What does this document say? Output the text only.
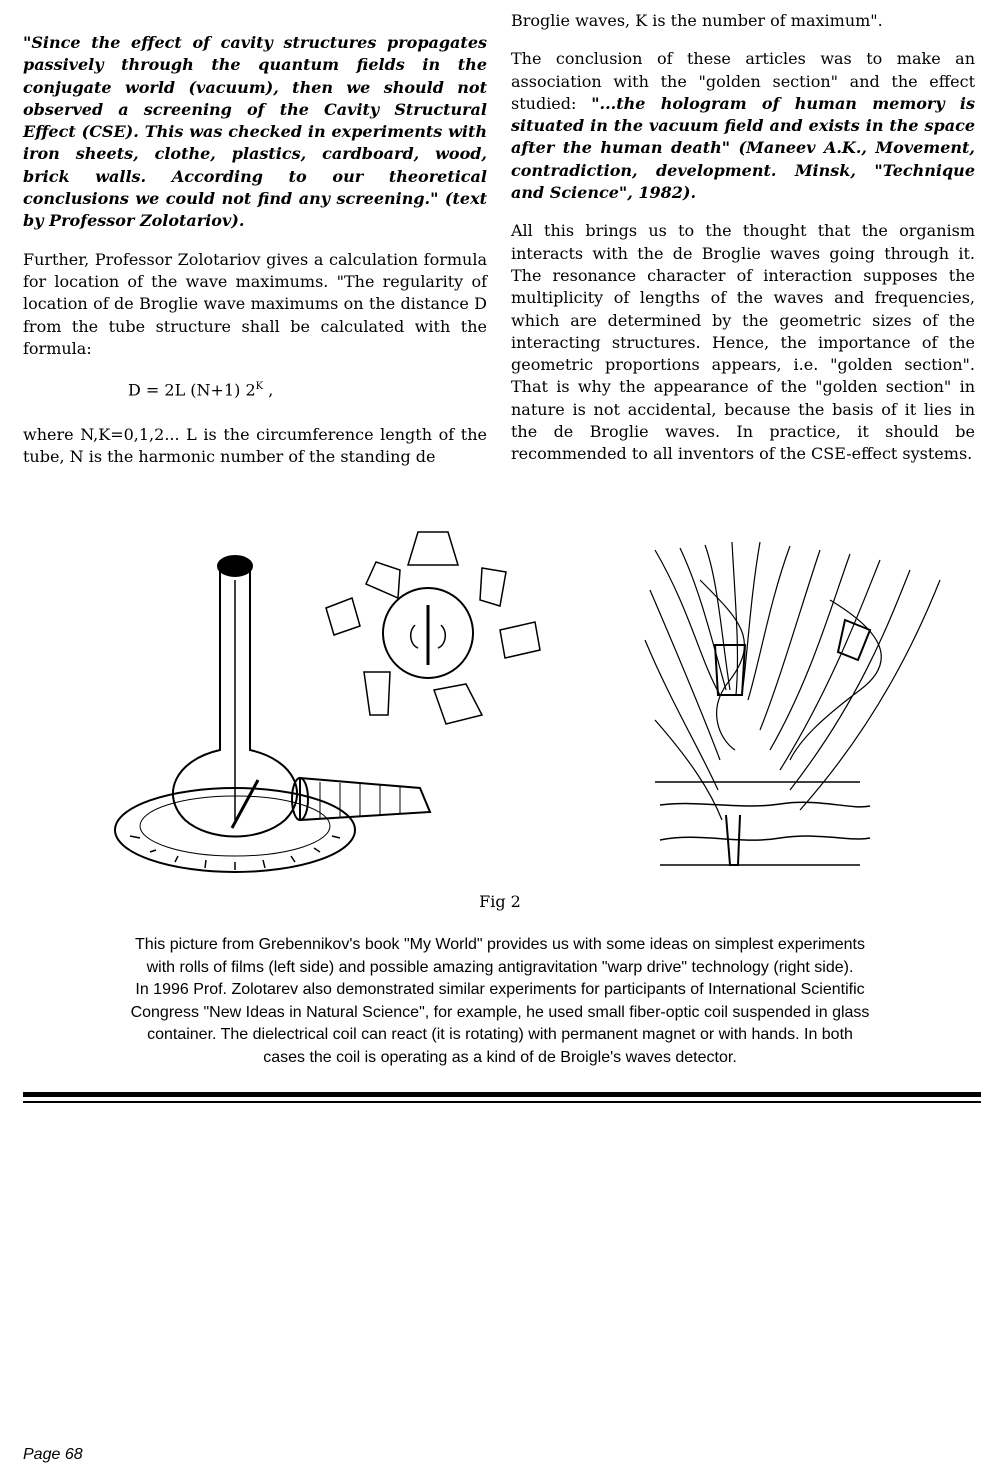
"Since the effect of cavity structures propagates passively through the quantum fields in the conjugate world (vacuum), then we should not observed a screening of the Cavity Structural Effect (CSE). This was checked in experiments with iron sheets, clothe, plastics, cardboard, wood, brick walls. According to our theoretical conclusions we could not find any screening." (text by Professor Zolotariov).

Further, Professor Zolotariov gives a calculation formula for location of the wave maximums. "The regularity of location of de Broglie wave maximums on the distance D from the tube structure shall be calculated with the formula:

D = 2L (N+1) $2^K$ ,

where N,K=0,1,2... L is the circumference length of the tube, N is the harmonic number of the standing de

Broglie waves, K is the number of maximum".

The conclusion of these articles was to make an association with the "golden section" and the effect studied: "...the hologram of human memory is situated in the vacuum field and exists in the space after the human death" (Maneev A.K., Movement, contradiction, development. Minsk, "Technique and Science", 1982).

All this brings us to the thought that the organism interacts with the de Broglie waves going through it. The resonance character of interaction supposes the multiplicity of lengths of the waves and frequencies, which are determined by the geometric sizes of the interacting structures. Hence, the importance of the geometric proportions appears, i.e. "golden section". That is why the appearance of the "golden section" in nature is not accidental, because the basis of it lies in the de Broglie waves. In practice, it should be recommended to all inventors of the CSE-effect systems.

Fig 2
This picture from Grebennikov's book "My World" provides us with some ideas on simplest experiments
with rolls of films (left side) and possible amazing antigravitation "warp drive" technology (right side).
In 1996 Prof. Zolotarev also demonstrated similar experiments for participants of International Scientific
Congress "New Ideas in Natural Science", for example, he used small fiber-optic coil suspended in glass
container. The dielectrical coil can react (it is rotating) with permanent magnet or with hands. In both
cases the coil is operating as a kind of de Broigle's waves detector.
Page 68
